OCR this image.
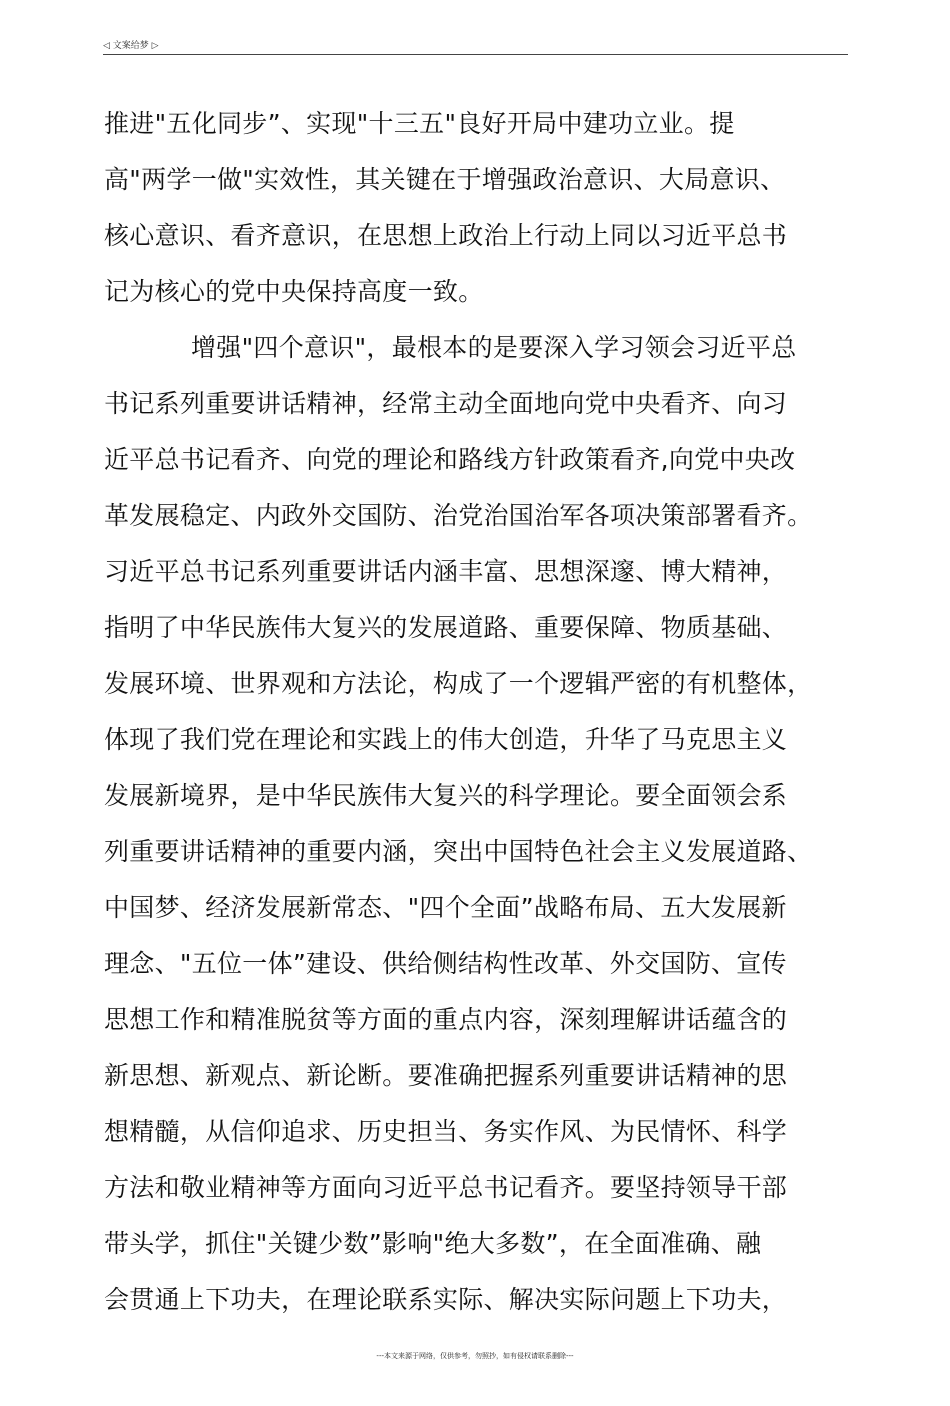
◁ 文案给梦 ▷
推进"五化同步”、实现"十三五"良好开局中建功立业。提
高"两学一做"实效性，其关键在于增强政治意识、大局意识、
核心意识、看齐意识，在思想上政治上行动上同以习近平总书
记为核心的党中央保持高度一致。
增强"四个意识"，最根本的是要深入学习领会习近平总
书记系列重要讲话精神，经常主动全面地向党中央看齐、向习
近平总书记看齐、向党的理论和路线方针政策看齐,向党中央改
革发展稳定、内政外交国防、治党治国治军各项决策部署看齐。
习近平总书记系列重要讲话内涵丰富、思想深邃、博大精神，
指明了中华民族伟大复兴的发展道路、重要保障、物质基础、
发展环境、世界观和方法论，构成了一个逻辑严密的有机整体，
体现了我们党在理论和实践上的伟大创造，升华了马克思主义
发展新境界，是中华民族伟大复兴的科学理论。要全面领会系
列重要讲话精神的重要内涵，突出中国特色社会主义发展道路、
中国梦、经济发展新常态、"四个全面”战略布局、五大发展新
理念、"五位一体”建设、供给侧结构性改革、外交国防、宣传
思想工作和精准脱贫等方面的重点内容，深刻理解讲话蕴含的
新思想、新观点、新论断。要准确把握系列重要讲话精神的思
想精髓，从信仰追求、历史担当、务实作风、为民情怀、科学
方法和敬业精神等方面向习近平总书记看齐。要坚持领导干部
带头学，抓住"关键少数”影响"绝大多数”，在全面准确、融
会贯通上下功夫，在理论联系实际、解决实际问题上下功夫，
---本文来源于网络，仅供参考，勿照抄，如有侵权请联系删除---
